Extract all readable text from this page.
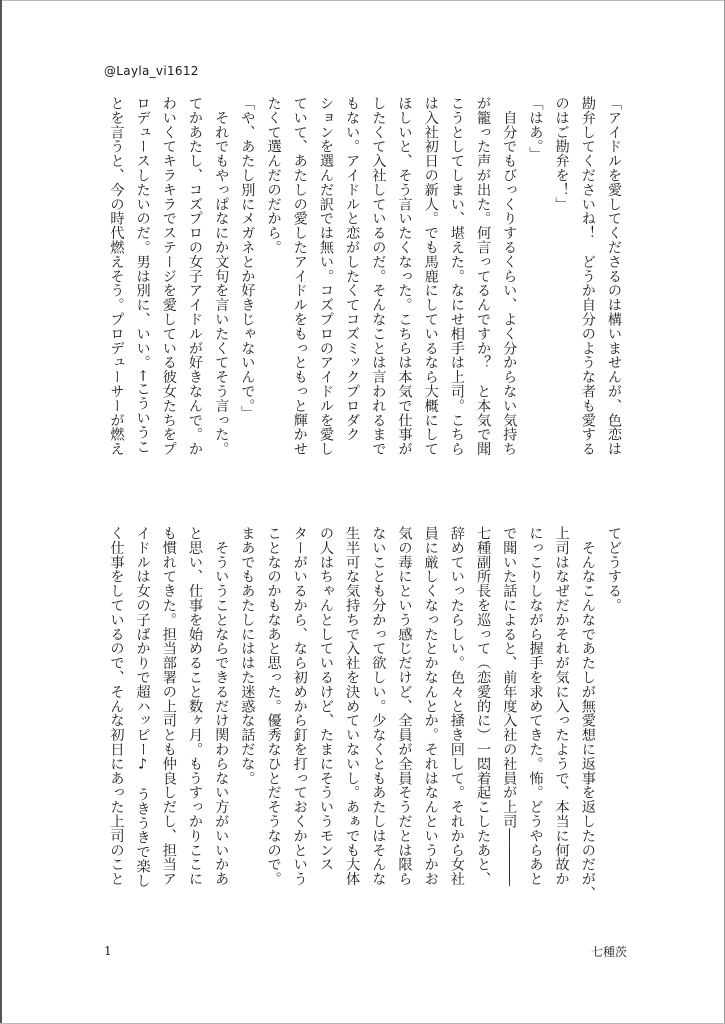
@Layla_vi1612
「アイドルを愛してくださるのは構いませんが、色恋は
勘弁してくださいね！　どうか自分のような者も愛する
のはご勘弁を！」
「はあ。」
　自分でもびっくりするくらい、よく分からない気持ち
が籠った声が出た。何言ってるんですか？　と本気で聞
こうとしてしまい、堪えた。なにせ相手は上司。こちら
は入社初日の新人。でも馬鹿にしているなら大概にして
ほしいと、そう言いたくなった。こちらは本気で仕事が
したくて入社しているのだ。そんなことは言われるまで
もない。アイドルと恋がしたくてコズミックプロダク
ションを選んだ訳では無い。コズプロのアイドルを愛し
ていて、あたしの愛したアイドルをもっともっと輝かせ
たくて選んだのだから。
「や、あたし別にメガネとか好きじゃないんで。」
　それでもやっぱなにか文句を言いたくてそう言った。
てかあたし、コズプロの女子アイドルが好きなんで。か
わいくてキラキラでステージを愛している彼女たちをプ
ロデュースしたいのだ。男は別に、いい。←こういうこ
とを言うと、今の時代燃えそう。プロデューサーが燃え
てどうする。
　そんなこんなであたしが無愛想に返事を返したのだが、
上司はなぜだかそれが気に入ったようで、本当に何故か
にっこりしながら握手を求めてきた。怖。どうやらあと
で聞いた話によると、前年度入社の社員が上司――――
七種副所長を巡って（恋愛的に）一悶着起こしたあと、
辞めていったらしい。色々と掻き回して。それから女社
員に厳しくなったとかなんとか。それはなんというかお
気の毒にという感じだけど、全員が全員そうだとは限ら
ないことも分かって欲しい。少なくともあたしはそんな
生半可な気持ちで入社を決めていないし。あぁでも大体
の人はちゃんとしているけど、たまにそういうモンス
ターがいるから、なら初めから釘を打っておくかという
ことなのかもなあと思った。優秀なひとだそうなので。
まあでもあたしにははた迷惑な話だな。
　そういうことならできるだけ関わらない方がいいかあ
と思い、仕事を始めること数ヶ月。もうすっかりここに
も慣れてきた。担当部署の上司とも仲良しだし、担当ア
イドルは女の子ばかりで超ハッピー♪　うきうきで楽し
く仕事をしているので、そんな初日にあった上司のこと
1	七種茨
